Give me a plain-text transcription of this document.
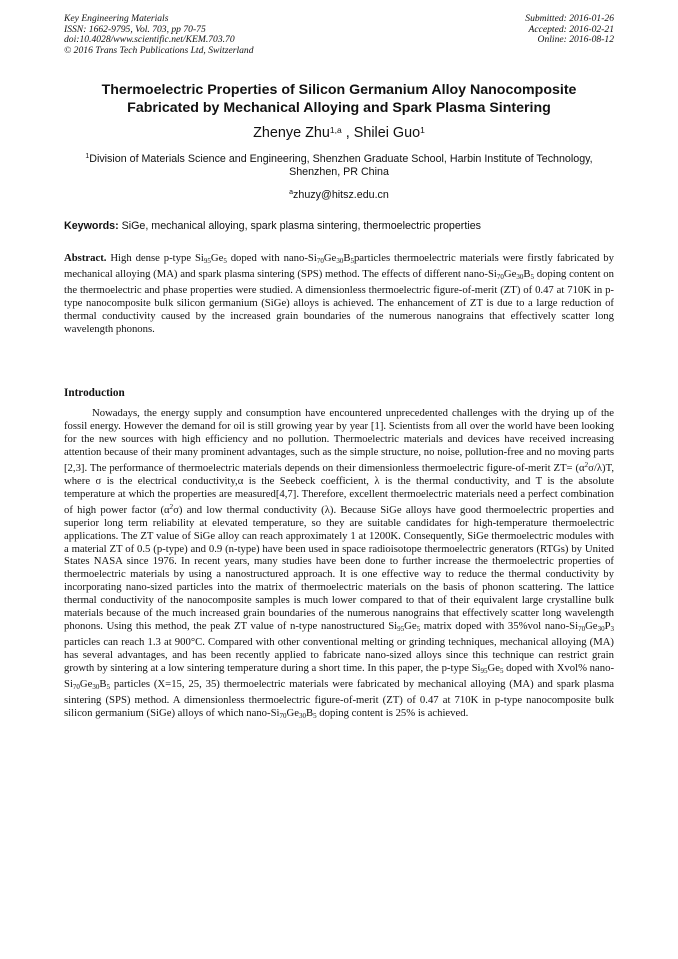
Key Engineering Materials
ISSN: 1662-9795, Vol. 703, pp 70-75
doi:10.4028/www.scientific.net/KEM.703.70
© 2016 Trans Tech Publications Ltd, Switzerland
Submitted: 2016-01-26
Accepted: 2016-02-21
Online: 2016-08-12
Thermoelectric Properties of Silicon Germanium Alloy Nanocomposite
Fabricated by Mechanical Alloying and Spark Plasma Sintering
Zhenye Zhu$^{1,a}$ , Shilei Guo$^1$
$^1$Division of Materials Science and Engineering, Shenzhen Graduate School, Harbin Institute of Technology, Shenzhen, PR China
$^a$zhuzy@hitsz.edu.cn
Keywords: SiGe, mechanical alloying, spark plasma sintering, thermoelectric properties
Abstract. High dense p-type $Si_{95}Ge_5$ doped with nano-$Si_{70}Ge_{30}B_5particles$ thermoelectric materials were firstly fabricated by mechanical alloying (MA) and spark plasma sintering (SPS) method. The effects of different nano-$Si_{70}Ge_{30}B_5$ doping content on the thermoelectric and phase properties were studied. A dimensionless thermoelectric figure-of-merit (ZT) of 0.47 at 710K in p-type nanocomposite bulk silicon germanium (SiGe) alloys is achieved. The enhancement of ZT is due to a large reduction of thermal conductivity caused by the increased grain boundaries of the numerous nanograins that effectively scatter long wavelength phonons.
Introduction

Nowadays, the energy supply and consumption have encountered unprecedented challenges with the drying up of the fossil energy. However the demand for oil is still growing year by year [1]. Scientists from all over the world have been looking for the new sources with high efficiency and no pollution. Thermoelectric materials and devices have received increasing attention because of their many prominent advantages, such as the simple structure, no noise, pollution-free and no moving parts [2,3]. The performance of thermoelectric materials depends on their dimensionless thermoelectric figure-of-merit $ZT= (\alpha^2\sigma/\lambda)T$, where σ is the electrical conductivity,α is the Seebeck coefficient, λ is the thermal conductivity, and T is the absolute temperature at which the properties are measured[4,7]. Therefore, excellent thermoelectric materials need a perfect combination of high power factor $(\alpha^2\sigma)$ and low thermal conductivity (λ). Because SiGe alloys have good thermoelectric properties and superior long term reliability at elevated temperature, so they are suitable candidates for high-temperature thermoelectric applications. The ZT value of SiGe alloy can reach approximately 1 at 1200K. Consequently, SiGe thermoelectric modules with a material ZT of 0.5 (p-type) and 0.9 (n-type) have been used in space radioisotope thermoelectric generators (RTGs) by United States NASA since 1976. In recent years, many studies have been done to further increase the thermoelectric properties of thermoelectric materials by using a nanostructured approach. It is one effective way to reduce the thermal conductivity by incorporating nano-sized particles into the matrix of thermoelectric materials on the basis of phonon scattering. The lattice thermal conductivity of the nanocomposite samples is much lower compared to that of their equivalent large crystalline bulk materials because of the much increased grain boundaries of the numerous nanograins that effectively scatter long wavelength phonons. Using this method, the peak ZT value of n-type nanostructured $Si_{95}Ge_5$ matrix doped with 35%vol nano-$Si_{70}Ge_{30}P_3$ particles can reach 1.3 at 900°C. Compared with other conventional melting or grinding techniques, mechanical alloying (MA) has several advantages, and has been recently applied to fabricate nano-sized alloys since this technique can restrict grain growth by sintering at a low sintering temperature during a short time. In this paper, the p-type $Si_{95}Ge_5$ doped with Xvol% nano-$Si_{70}Ge_{30}B_5$ particles (X=15, 25, 35) thermoelectric materials were fabricated by mechanical alloying (MA) and spark plasma sintering (SPS) method. A dimensionless thermoelectric figure-of-merit (ZT) of 0.47 at 710K in p-type nanocomposite bulk silicon germanium (SiGe) alloys of which nano-$Si_{70}Ge_{30}B_5$ doping content is 25% is achieved.
